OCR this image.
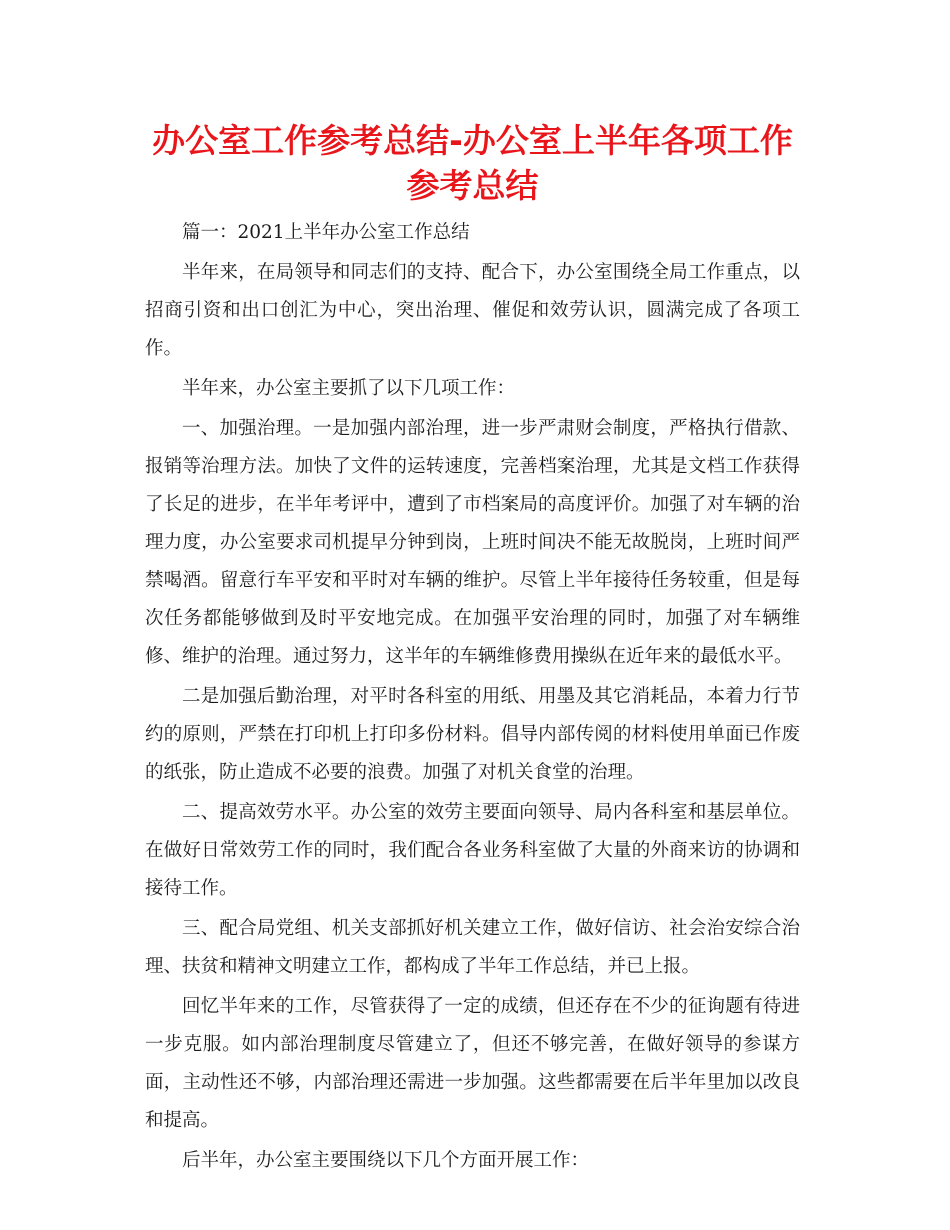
办公室工作参考总结-办公室上半年各项工作参考总结

篇一：2021上半年办公室工作总结

半年来，在局领导和同志们的支持、配合下，办公室围绕全局工作重点，以招商引资和出口创汇为中心，突出治理、催促和效劳认识，圆满完成了各项工作。

半年来，办公室主要抓了以下几项工作：

一、加强治理。一是加强内部治理，进一步严肃财会制度，严格执行借款、报销等治理方法。加快了文件的运转速度，完善档案治理，尤其是文档工作获得了长足的进步，在半年考评中，遭到了市档案局的高度评价。加强了对车辆的治理力度，办公室要求司机提早分钟到岗，上班时间决不能无故脱岗，上班时间严禁喝酒。留意行车平安和平时对车辆的维护。尽管上半年接待任务较重，但是每次任务都能够做到及时平安地完成。在加强平安治理的同时，加强了对车辆维修、维护的治理。通过努力，这半年的车辆维修费用操纵在近年来的最低水平。

二是加强后勤治理，对平时各科室的用纸、用墨及其它消耗品，本着力行节约的原则，严禁在打印机上打印多份材料。倡导内部传阅的材料使用单面已作废的纸张，防止造成不必要的浪费。加强了对机关食堂的治理。

二、提高效劳水平。办公室的效劳主要面向领导、局内各科室和基层单位。在做好日常效劳工作的同时，我们配合各业务科室做了大量的外商来访的协调和接待工作。

三、配合局党组、机关支部抓好机关建立工作，做好信访、社会治安综合治理、扶贫和精神文明建立工作，都构成了半年工作总结，并已上报。

回忆半年来的工作，尽管获得了一定的成绩，但还存在不少的征询题有待进一步克服。如内部治理制度尽管建立了，但还不够完善，在做好领导的参谋方面，主动性还不够，内部治理还需进一步加强。这些都需要在后半年里加以改良和提高。

后半年，办公室主要围绕以下几个方面开展工作：
